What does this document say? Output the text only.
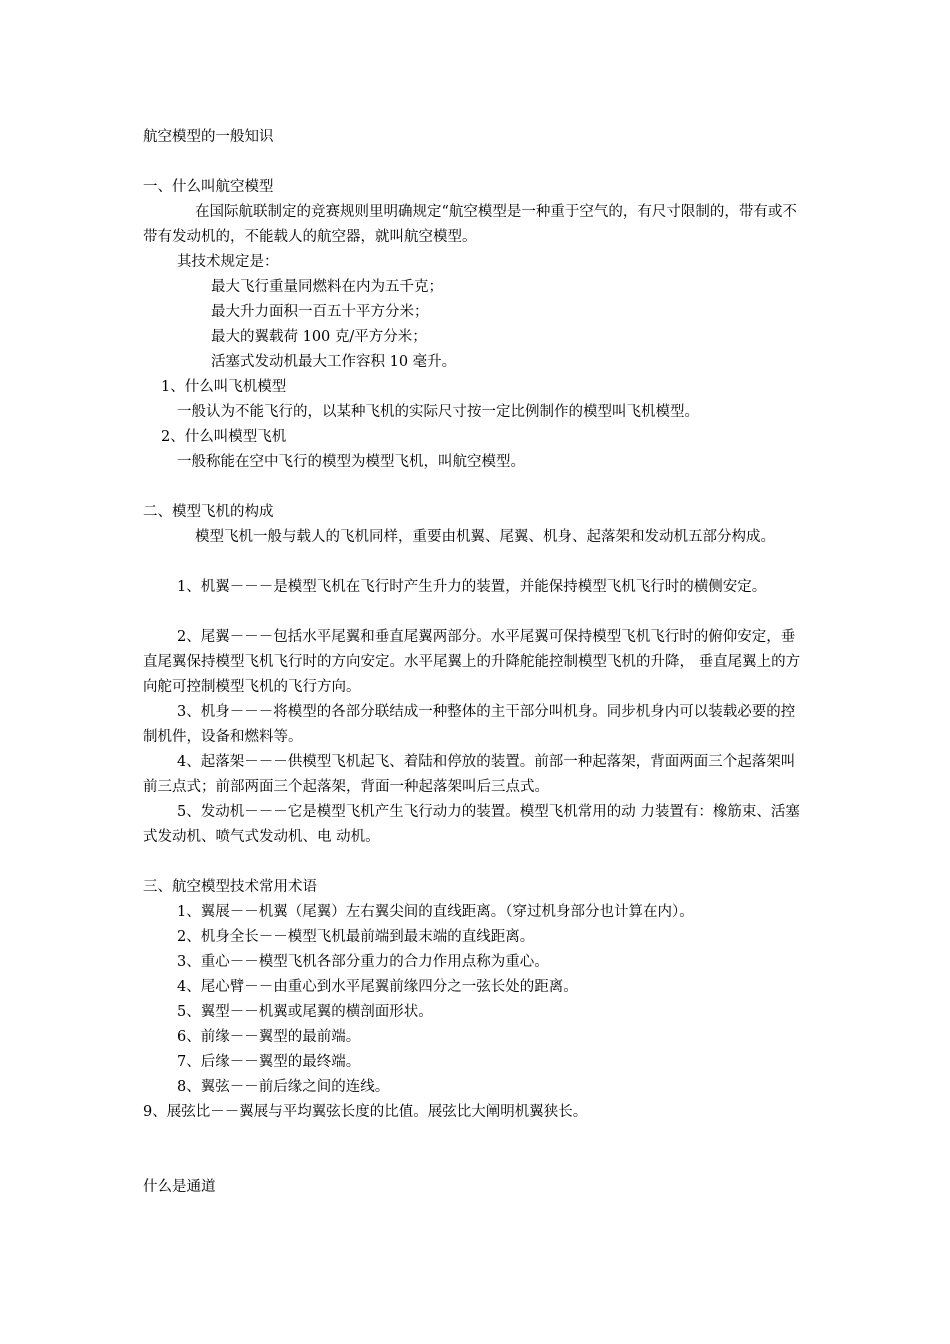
航空模型的一般知识
一、什么叫航空模型
在国际航联制定的竞赛规则里明确规定“航空模型是一种重于空气的，有尺寸限制的，带有或不带有发动机的，不能载人的航空器，就叫航空模型。
其技术规定是：
最大飞行重量同燃料在内为五千克；
最大升力面积一百五十平方分米；
最大的翼载荷 100 克/平方分米；
活塞式发动机最大工作容积 10 毫升。
1、什么叫飞机模型
一般认为不能飞行的，以某种飞机的实际尺寸按一定比例制作的模型叫飞机模型。
2、什么叫模型飞机
一般称能在空中飞行的模型为模型飞机，叫航空模型。
二、模型飞机的构成
模型飞机一般与载人的飞机同样，重要由机翼、尾翼、机身、起落架和发动机五部分构成。
1、机翼－－－是模型飞机在飞行时产生升力的装置，并能保持模型飞机飞行时的横侧安定。
2、尾翼－－－包括水平尾翼和垂直尾翼两部分。水平尾翼可保持模型飞机飞行时的俯仰安定，垂直尾翼保持模型飞机飞行时的方向安定。水平尾翼上的升降舵能控制模型飞机的升降， 垂直尾翼上的方向舵可控制模型飞机的飞行方向。
3、机身－－－将模型的各部分联结成一种整体的主干部分叫机身。同步机身内可以装载必要的控制机件，设备和燃料等。
4、起落架－－－供模型飞机起飞、着陆和停放的装置。前部一种起落架，背面两面三个起落架叫前三点式；前部两面三个起落架，背面一种起落架叫后三点式。
5、发动机－－－它是模型飞机产生飞行动力的装置。模型飞机常用的动 力装置有：橡筋束、活塞式发动机、喷气式发动机、电 动机。
三、航空模型技术常用术语
1、翼展－－机翼（尾翼）左右翼尖间的直线距离。（穿过机身部分也计算在内）。
2、机身全长－－模型飞机最前端到最末端的直线距离。
3、重心－－模型飞机各部分重力的合力作用点称为重心。
4、尾心臂－－由重心到水平尾翼前缘四分之一弦长处的距离。
5、翼型－－机翼或尾翼的横剖面形状。
6、前缘－－翼型的最前端。
7、后缘－－翼型的最终端。
8、翼弦－－前后缘之间的连线。
9、展弦比－－翼展与平均翼弦长度的比值。展弦比大阐明机翼狭长。
什么是通道
